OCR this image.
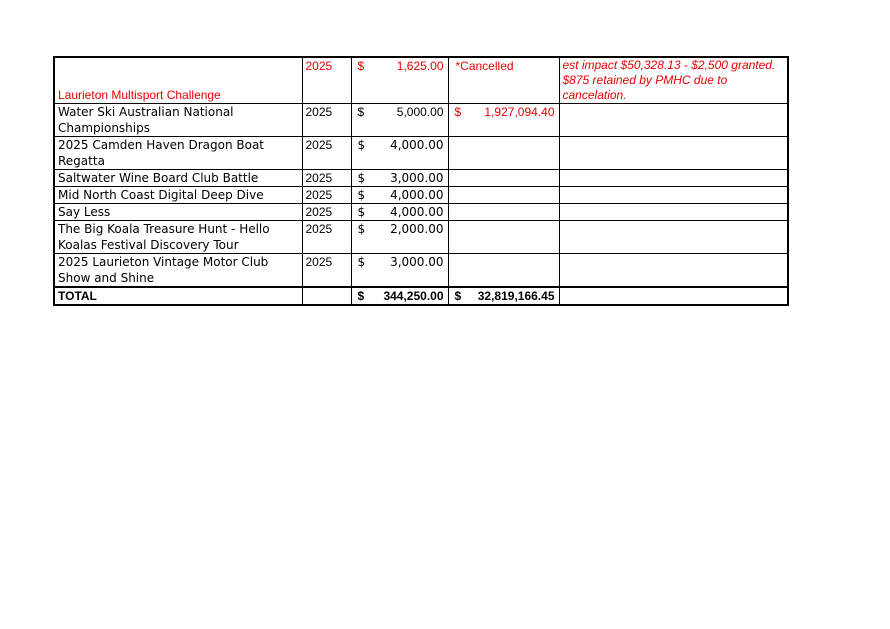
Laurieton Multisport Challenge	2025	$ 1,625.00	*Cancelled	est impact $50,328.13 - $2,500 granted. $875 retained by PMHC due to cancelation.

Water Ski Australian National Championships	2025	$ 5,000.00	$ 1,927,094.40	

2025 Camden Haven Dragon Boat Regatta	2025	$ 4,000.00		

Saltwater Wine Board Club Battle	2025	$ 3,000.00		

Mid North Coast Digital Deep Dive	2025	$ 4,000.00		

Say Less	2025	$ 4,000.00		

The Big Koala Treasure Hunt - Hello Koalas Festival Discovery Tour	2025	$ 2,000.00		

2025 Laurieton Vintage Motor Club Show and Shine	2025	$ 3,000.00		

TOTAL		$ 344,250.00	$ 32,819,166.45	
